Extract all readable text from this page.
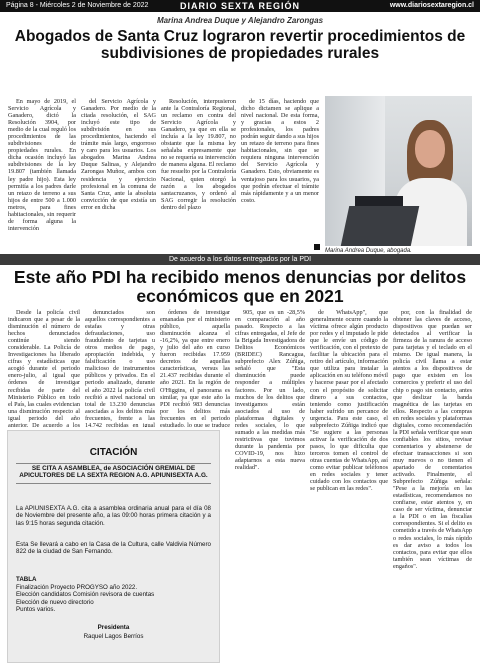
Página 8 - Miércoles 2 de Noviembre de 2022	DIARIO SEXTA REGIÓN	www.diariosextaregion.cl
Marina Andrea Duque y Alejandro Zarongas
Abogados de Santa Cruz lograron revertir procedimientos de subdivisiones de propiedades rurales

En mayo de 2019, el Servicio Agrícola y Ganadero, dictó la Resolución 3904, por medio de la cual reguló los procedimientos de las subdivisiones de propiedades rurales. En dicha ocasión incluyó las subdivisiones de la ley 19.807 (también llamada ley padre hijo). Esta ley permitía a los padres darle un retazo de terreno a sus hijos de entre 500 a 1.000 metros, para fines habitacionales, sin requerir de forma alguna la intervención

del Servicio Agrícola y Ganadero. Por medio de la citada resolución, el SAG incluyó este tipo de subdivisión en sus procedimientos, haciendo el trámite más largo, engorroso y caro para los usuarios. Los abogados Marina Andrea Duque Salinas, y Alejandro Zarongas Muñoz, ambos con residencia y ejercicio profesional en la comuna de Santa Cruz, ante la absoluta convicción de que existía un error en dicha

Resolución, interpusieron ante la Contraloría Regional, un reclamo en contra del Servicio Agrícola y Ganadero, ya que en ella se incluía a la ley 19.807, no obstante que la misma ley señalaba expresamente que no se requería su intervención de manera alguna. El reclamo fue resuelto por la Contraloría Nacional, quien otorgó la razón a los abogados santacruzanos, y ordenó al SAG corregir la resolución dentro del plazo

de 15 días, haciendo que dicho dictamen se aplique a nivel nacional. De esta forma, y gracias a estos 2 profesionales, los padres podrán seguir dando a sus hijos un retazo de terreno para fines habitacionales, sin que se requiera ninguna intervención del Servicio Agrícola y Ganadero. Esto, obviamente es ventajoso para los usuarios, ya que podrán efectuar el trámite más rápidamente y a un menor costo.

Marina Andrea Duque, abogada.
De acuerdo a los datos entregados por la PDI
Este año PDI ha recibido menos denuncias por delitos económicos que en 2021

Desde la policía civil indicaron que a pesar de la disminución el número de hechos denunciados continúe siendo considerable. La Policía de Investigaciones ha liberado cifras y estadísticas que acogió durante el periodo enero-julio, al igual que órdenes de investigar recibidas de parte del Ministerio Público en todo el País, las cuales evidencian una disminución respecto al igual periodo del año anterior. De acuerdo a los

denunciados son aquellos correspondientes a estafas y otras defraudaciones, uso fraudulento de tarjetas u otros medios de pago, apropiación indebida, y falsificación o uso malicioso de instrumentos públicos y privados. En el periodo analizado, durante el año 2022 la policía civil recibió a nivel nacional un total de 13.230 denuncias asociadas a los delitos más frecuentes, frente a las 14.742 recibidas en igual

órdenes de investigar emanadas por el ministerio público, aquella disminución alcanza el -16,2%, ya que entre enero y julio del año en curso fueron recibidas 17.959 decretos de aquellas características, versus las 21.437 recibidas durante el año 2021. En la región de O'Higgins, el panorama es similar, ya que este año la PDI recibió 983 denuncias por los delitos más frecuentes en el periodo estudiado, lo que se traduce

905, que es un -28,5% en comparación al año pasado. Respecto a las cifras entregadas, el Jefe de la Brigada Investigadora de Delitos Económicos (BRIDEC) Rancagua, subprefecto Alex Zúñiga, señaló que "Esta disminución puede responder a múltiples factores. Por un lado, muchos de los delitos que investigamos están asociados al uso de plataformas digitales y redes sociales, lo que sumado a las medidas más restrictivas que tuvimos durante la pandemia por COVID-19, nos hizo adaptarnos a esta nueva realidad".

de WhatsApp", que generalmente ocurre cuando la víctima ofrece algún producto por redes y el imputado le pide que le envíe un código de verificación, con el pretexto de facilitar la ubicación para el retiro del artículo, información que utiliza para instalar la aplicación en su teléfono móvil y hacerse pasar por el afectado con el propósito de solicitar dinero a sus contactos, teniendo como justificación haber sufrido un percance de urgencia. Para este caso, el subprefecto Zúñiga indicó que "Se sugiere a las personas activar la verificación de dos pasos, lo que dificulta que terceros tomen el control de otras cuentas de WhatsApp, así como evitar publicar teléfonos en redes sociales y tener cuidado con los contactos que se publican en las redes".

por, con la finalidad de obtener las claves de acceso, dispositivos que puedan ser detectados al verificar la firmeza de la ranura de acceso para tarjetas y el teclado en el mismo. De igual manera, la policía civil llama a estar atentos a los dispositivos de pago que existen en los comercios y preferir el uso del chip o pago sin contacto, antes que deslizar la banda magnética de las tarjetas en ellos. Respecto a las compras en redes sociales y plataformas digitales, como recomendación la PDI señala verificar que sean confiables los sitios, revisar comentarios y abstenerse de efectuar transacciones si son muy nuevos o no tienen el apartado de comentarios activado. Finalmente, el Subprefecto Zúñiga señala: "Pese a la mejoría en las estadísticas, recomendamos no confiarse, estar atentos y, en caso de ser víctima, denunciar a la PDI o en las fiscalías correspondientes. Si el delito es cometido a través de WhatsApp o redes sociales, lo más rápido es dar aviso a todos los contactos, para evitar que ellos también sean víctimas de engaños".

CITACIÓN
SE CITA A ASAMBLEA, de ASOCIACIÓN GREMIAL DE APICULTORES DE LA SEXTA REGION A.G. APIUNISEXTA A.G.
La APIUNISEXTA A.G. cita a asamblea ordinaria anual para el día 08 de Noviembre del presente año, a las 09:00 horas primera citación y a las 9:15 horas segunda citación.
Esta Se llevará a cabo en la Casa de la Cultura, calle Valdivia Número 822 de la ciudad de San Fernando.
TABLA
Finalización Proyecto PROGYSO año 2022.
Elección candidatos Comisión revisora de cuentas
Elección de nuevo directorio
Puntos varios.
Presidenta
Raquel Lagos Berríos
